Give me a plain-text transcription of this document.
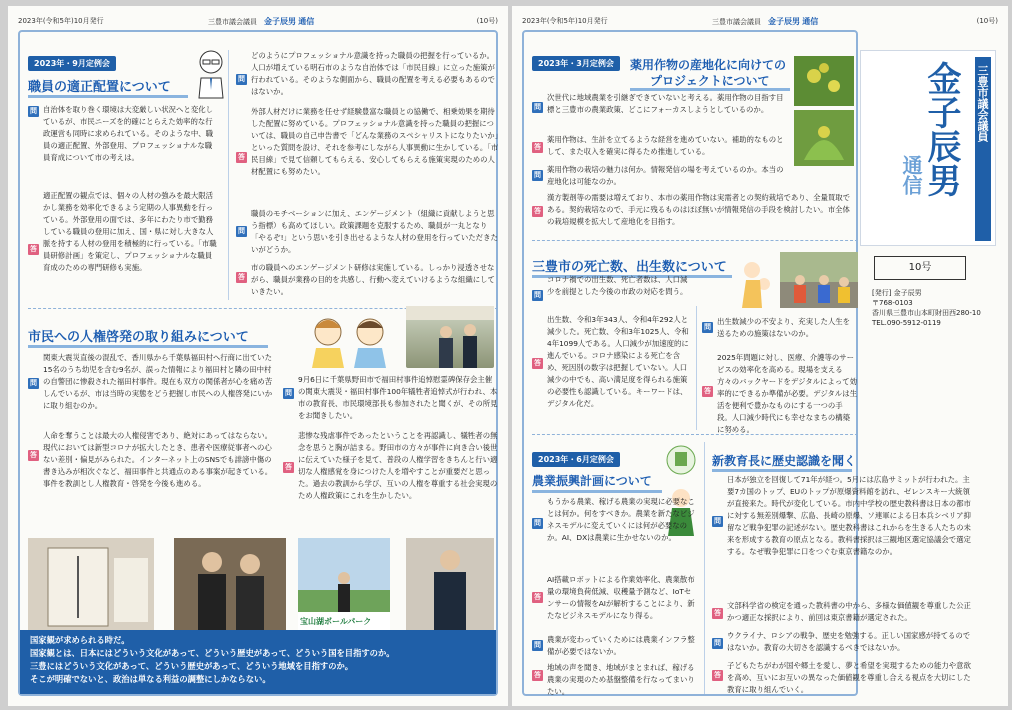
2023年(令和5年)10月発行	三豊市議会議員　 金子辰男 通信	(10号)
2023年・9月定例会
職員の適正配置について
問 自治体を取り巻く環境は大変厳しい状況へと変化しているが、市民ニーズを的確にとらえた効率的な行政運営も同時に求められている。そのような中、職員の適正配置、外部登用、プロフェッショナルな職員育成について市の考えは。
答
適正配置の観点では、個々の人材の強みを最大限活かし業務を効率化できるよう定期の人事異動を行っている。外部登用の面では、多年にわたり市で勤務している職員の登用に加え、国・県に対し大きな人脈を持する人材の登用を積極的に行っている。「市職員研修計画」を策定し、プロフェッショナルな職員育成のための専門研修も実施。
問
どのようにプロフェッショナル意識を持った職員の把握を行っているか。人口が増えている明石市のような自治体では「市民目線」に立った施策が行われている。そのような側面から、職員の配置を考える必要もあるのではないか。
答
外部人材だけに業務を任せず経験豊富な職員との協働で、相乗効果を期待した配置に努めている。プロフェッショナル意識を持った職員の把握については、職員の自己申告書で「どんな業務のスペシャリストになりたいか」といった質問を設け、それを参考にしながら人事異動に生かしている。「市民目線」で見て信頼してもらえる、安心してもらえる施策実現のための人材配置にも努めたい。
問
職員のモチベーションに加え、エンゲージメント（組織に貢献しようと思う指標）も高めてほしい。政策課題を克服するため、職員が一丸となり「やるぞ!」という思いを引き出せるような人材の登用を行っていただきたいがどうか。
答
市の職員へのエンゲージメント研修は実施している。しっかり浸透させながら、職員が業務の目的を共感し、行動へ変えていけるような組織にしていきたい。
市民への人権啓発の取り組みについて
問
関東大震災直後の混乱で、香川県から千葉県福田村へ行商に出ていた15名のうち幼児を含む9名が、誤った情報により福田村と隣の田中村の自警団に惨殺された福田村事件。現在も双方の関係者が心を痛め苦しんでいるが、市は当時の実態をどう把握し市民への人権啓発にいかに取り組むのか。
問
9月6日に千葉県野田市で福田村事件追悼慰霊碑保存会主催の関東大震災・福田村事件100年犠牲者追悼式が行われ、本市の教育長、市民環境部長も参加されたと聞くが、その所見をお聞きしたい。
答
人命を奪うことは最大の人権侵害であり、絶対にあってはならない。現代においては新型コロナが拡大したとき、患者や医療従事者への心ない差別・偏見がみられた。インターネット上のSNSでも誹謗中傷の書き込みが相次ぐなど、福田事件と共通点のある事案が起きている。事件を教訓とし人権教育・啓発を今後も進める。
答
悲惨な残虐事件であったということを再認識し、犠牲者の無念を思うと胸が詰まる。野田市の方々が事件に向き合い後世に伝えていた様子を見て、普段の人権学習をきちんと行い適切な人権感覚を身につけた人を増やすことが重要だと思った。過去の教訓から学び、互いの人権を尊重する社会実現のため人権政策にこれを生かしたい。
宝山湖ボールパーク
国家観が求められる時だ。
国家観とは、日本にはどういう文化があって、どういう歴史があって、どういう国を目指すのか。
三豊にはどういう文化があって、どういう歴史があって、どういう地域を目指すのか。
そこが明確でないと、政治は単なる利益の調整にしかならない。
2023年(令和5年)10月発行	三豊市議会議員　 金子辰男 通信	(10号)
2023年・3月定例会	薬用作物の産地化に向けての
プロジェクトについて
問
次世代に地域農業を引継ぎできていないと考える。薬用作物の目指す目標と三豊市の農業政策、どこにフォーカスしようとしているのか。
答
薬用作物は、生計を立てるような経営を進めていない。補助的なものとして、また収入を確実に得るため推進している。
問
薬用作物の栽培の魅力は何か。情報発信の場を考えているのか。本当の産地化は可能なのか。
答
漢方製剤等の需要は増えており、本市の薬用作物は実需者との契約栽培であり、全量買取である。契約栽培なので、手元に残るものはほぼ無いが情報発信の手段を検討したい。市全体の栽培規模を拡大して産地化を目指す。
三豊市の死亡数、出生数について
問
コロナ禍での出生数、死亡者数は、人口減少を前提とした今後の市政の対応を問う。
答
出生数、令和3年343人、令和4年292人と減少した。死亡数、令和3年1025人、令和4年1099人である。人口減少が加速度的に進んでいる。コロナ感染による死亡を含め、死因別の数字は把握していない。人口減少の中でも、高い満足度を得られる施策の必要性も認識している。キーワードは、デジタル化だ。
問
出生数減少の不安より、充実した人生を送るための施策はないのか。
答
2025年問題に対し、医療、介護等のサービスの効率化を高める。現場を支える方々のバックヤードをデジタルによって効率的にできるか準備が必要。デジタルは生活を便利で豊かなものにする一つの手段。人口減少時代にも幸せなまちの構築に努める。
2023年・6月定例会
農業振興計画について
問
もうかる農業、稼げる農業の実現に必要なことは何か。何をすべきか。農業を新たなビジネスモデルに変えていくには何が必要なのか。AI、DXは農業に生かせないのか。
答
AI搭載ロボットによる作業効率化、農業散布量の環境負荷低減、収穫量予測など、IoTセンサーの情報をAIが解析することにより、新たなビジネスモデルになり得る。
問
農業が変わっていくためには農業インフラ整備が必要ではないか。
答
地域の声を聞き、地域がまとまれば、稼げる農業の実現のため基盤整備を行なってまいりたい。
新教育長に歴史認識を聞く
問
日本が独立を回復して71年が経つ。5月には広島サミットが行われた。主要7カ国のトップ、EUのトップが原爆資料館を訪れ、ゼレンスキー大統領が直接来た。時代が変化している。市内中学校の歴史教科書は日本の都市に対する無差別爆撃、広島、長崎の原爆、ソ連軍による日本兵シベリア抑留など戦争犯罪の記述がない。歴史教科書はこれからを生きる人たちの未来を形成する教育の原点となる。教科書採択は三観地区選定協議会で選定する。なぜ戦争犯罪に口をつぐむ東京書籍なのか。
答
文部科学省の検定を通った教科書の中から、多様な価値観を尊重した公正かつ適正な採択により、前回は東京書籍が選定された。
問
ウクライナ、ロシアの戦争、歴史を勉強する。正しい国家感が持てるのではないか。教育の大切さを認識するべきではないか。
答
子どもたちがわが国や郷土を愛し、夢と希望を実現するための能力や意欲を高め、互いにお互いの異なった価値観を尊重し合える視点を大切にした教育に取り組んでいく。
三豊市議会議員
金子辰男
通信
10号
[発行] 金子辰男
〒768-0103
香川県三豊市山本町財田西280-10
TEL.090-5912-0119
